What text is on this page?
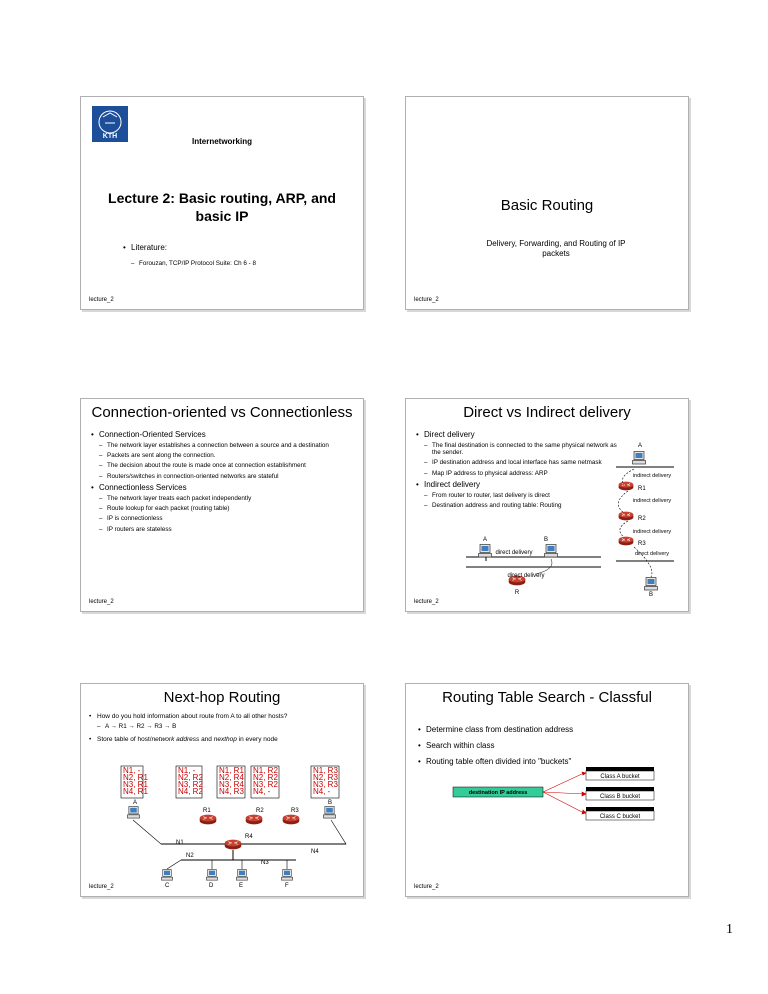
KTH
Internetworking
Lecture 2: Basic routing, ARP, and basic IP
• Literature:
– Forouzan, TCP/IP Protocol Suite: Ch 6 - 8
lecture_2
Basic Routing
Delivery, Forwarding, and Routing of IP packets
lecture_2
Connection-oriented vs Connectionless
• Connection-Oriented Services
– The network layer establishes a connection between a source and a destination
– Packets are sent along the connection.
– The decision about the route is made once at connection establishment
– Routers/switches in connection-oriented networks are stateful
• Connectionless Services
– The network layer treats each packet independently
– Route lookup for each packet (routing table)
– IP is connectionless
– IP routers are stateless
lecture_2
Direct vs Indirect delivery
• Direct delivery
– The final destination is connected to the same physical network as the sender.
– IP destination address and local interface has same netmask
– Map IP address to physical address: ARP
• Indirect delivery
– From router to router, last delivery is direct
– Destination address and routing table: Routing
A	B
direct delivery
R
direct delivery
A
R1
indirect delivery
indirect delivery
R2
indirect delivery
R3
direct delivery
B
lecture_2
Next-hop Routing
• How do you hold information about route from A to all other hosts?
– A → R1 → R2 → R3 → B
• Store table of host/network address and nexthop in every node
N1, -
N2, R1
N3, R1
N4, R1
N1, -
N2, R2
N3, R2
N4, R2
N1, R1
N2, R4
N3, R4
N4, R3
N1, R2
N2, R2
N3, R2
N4, -
N1, R3
N2, R3
N3, R3
N4, -
A
R1	R2	R3
B
N1
N4
R4
N2
N3
C	D	E	F
lecture_2
Routing Table Search - Classful
• Determine class from destination address
• Search within class
• Routing table often divided into "buckets"
destination IP address
Class A bucket
Class B bucket
Class C bucket
lecture_2
1
